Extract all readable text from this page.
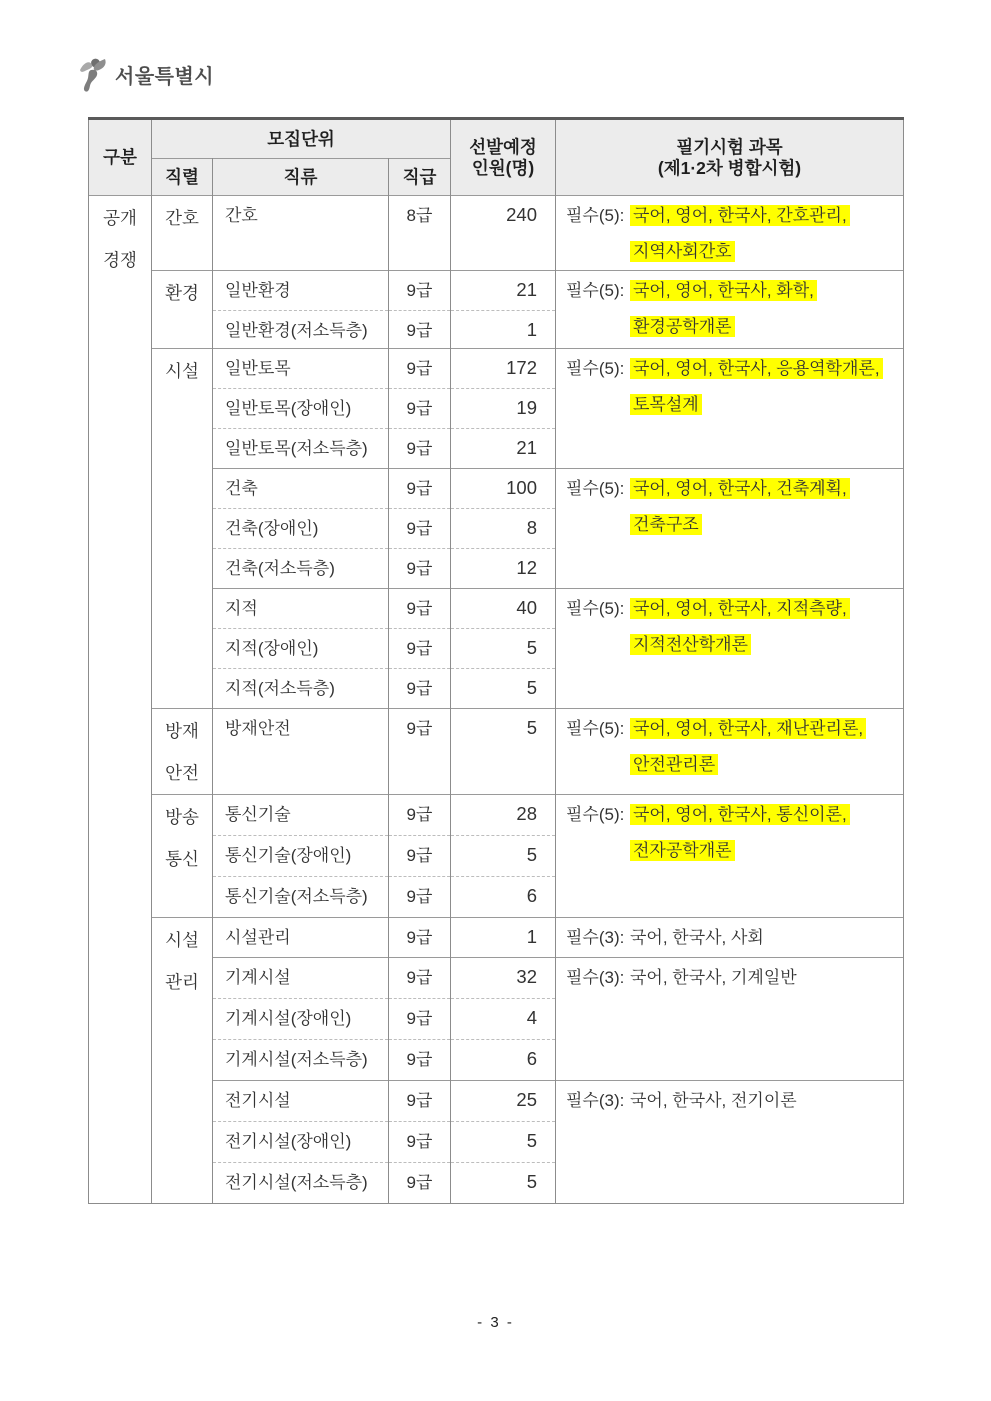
서울특별시
구분	모집단위	선발예정
인원(명)

필기시험 과목
(제1·2차 병합시험)

	직렬	직류	직급		

공개
경쟁
	간호	간호	8급	240	필수(5): 국어, 영어, 한국사, 간호관리,
지역사회간호

	환경	일반환경	9급	21	필수(5): 국어, 영어, 한국사, 화학,
환경공학개론

		일반환경(저소득층)	9급	1	
	시설	일반토목	9급	172	필수(5): 국어, 영어, 한국사, 응용역학개론,
토목설계

		일반토목(장애인)	9급	19	
		일반토목(저소득층)	9급	21	
		건축	9급	100	필수(5): 국어, 영어, 한국사, 건축계획,
건축구조

		건축(장애인)	9급	8	
		건축(저소득층)	9급	12	
		지적	9급	40	필수(5): 국어, 영어, 한국사, 지적측량,
지적전산학개론

		지적(장애인)	9급	5	
		지적(저소득층)	9급	5	

방재
안전
	방재안전	9급	5	필수(5): 국어, 영어, 한국사, 재난관리론,
안전관리론

방송
통신
	통신기술	9급	28	필수(5): 국어, 영어, 한국사, 통신이론,
전자공학개론

		통신기술(장애인)	9급	5	
		통신기술(저소득층)	9급	6	

시설
관리
	시설관리	9급	1	필수(3): 국어, 한국사, 사회

		기계시설	9급	32	필수(3): 국어, 한국사, 기계일반

		기계시설(장애인)	9급	4	
		기계시설(저소득층)	9급	6	
		전기시설	9급	25	필수(3): 국어, 한국사, 전기이론

		전기시설(장애인)	9급	5	
		전기시설(저소득층)	9급	5	
- 3 -
